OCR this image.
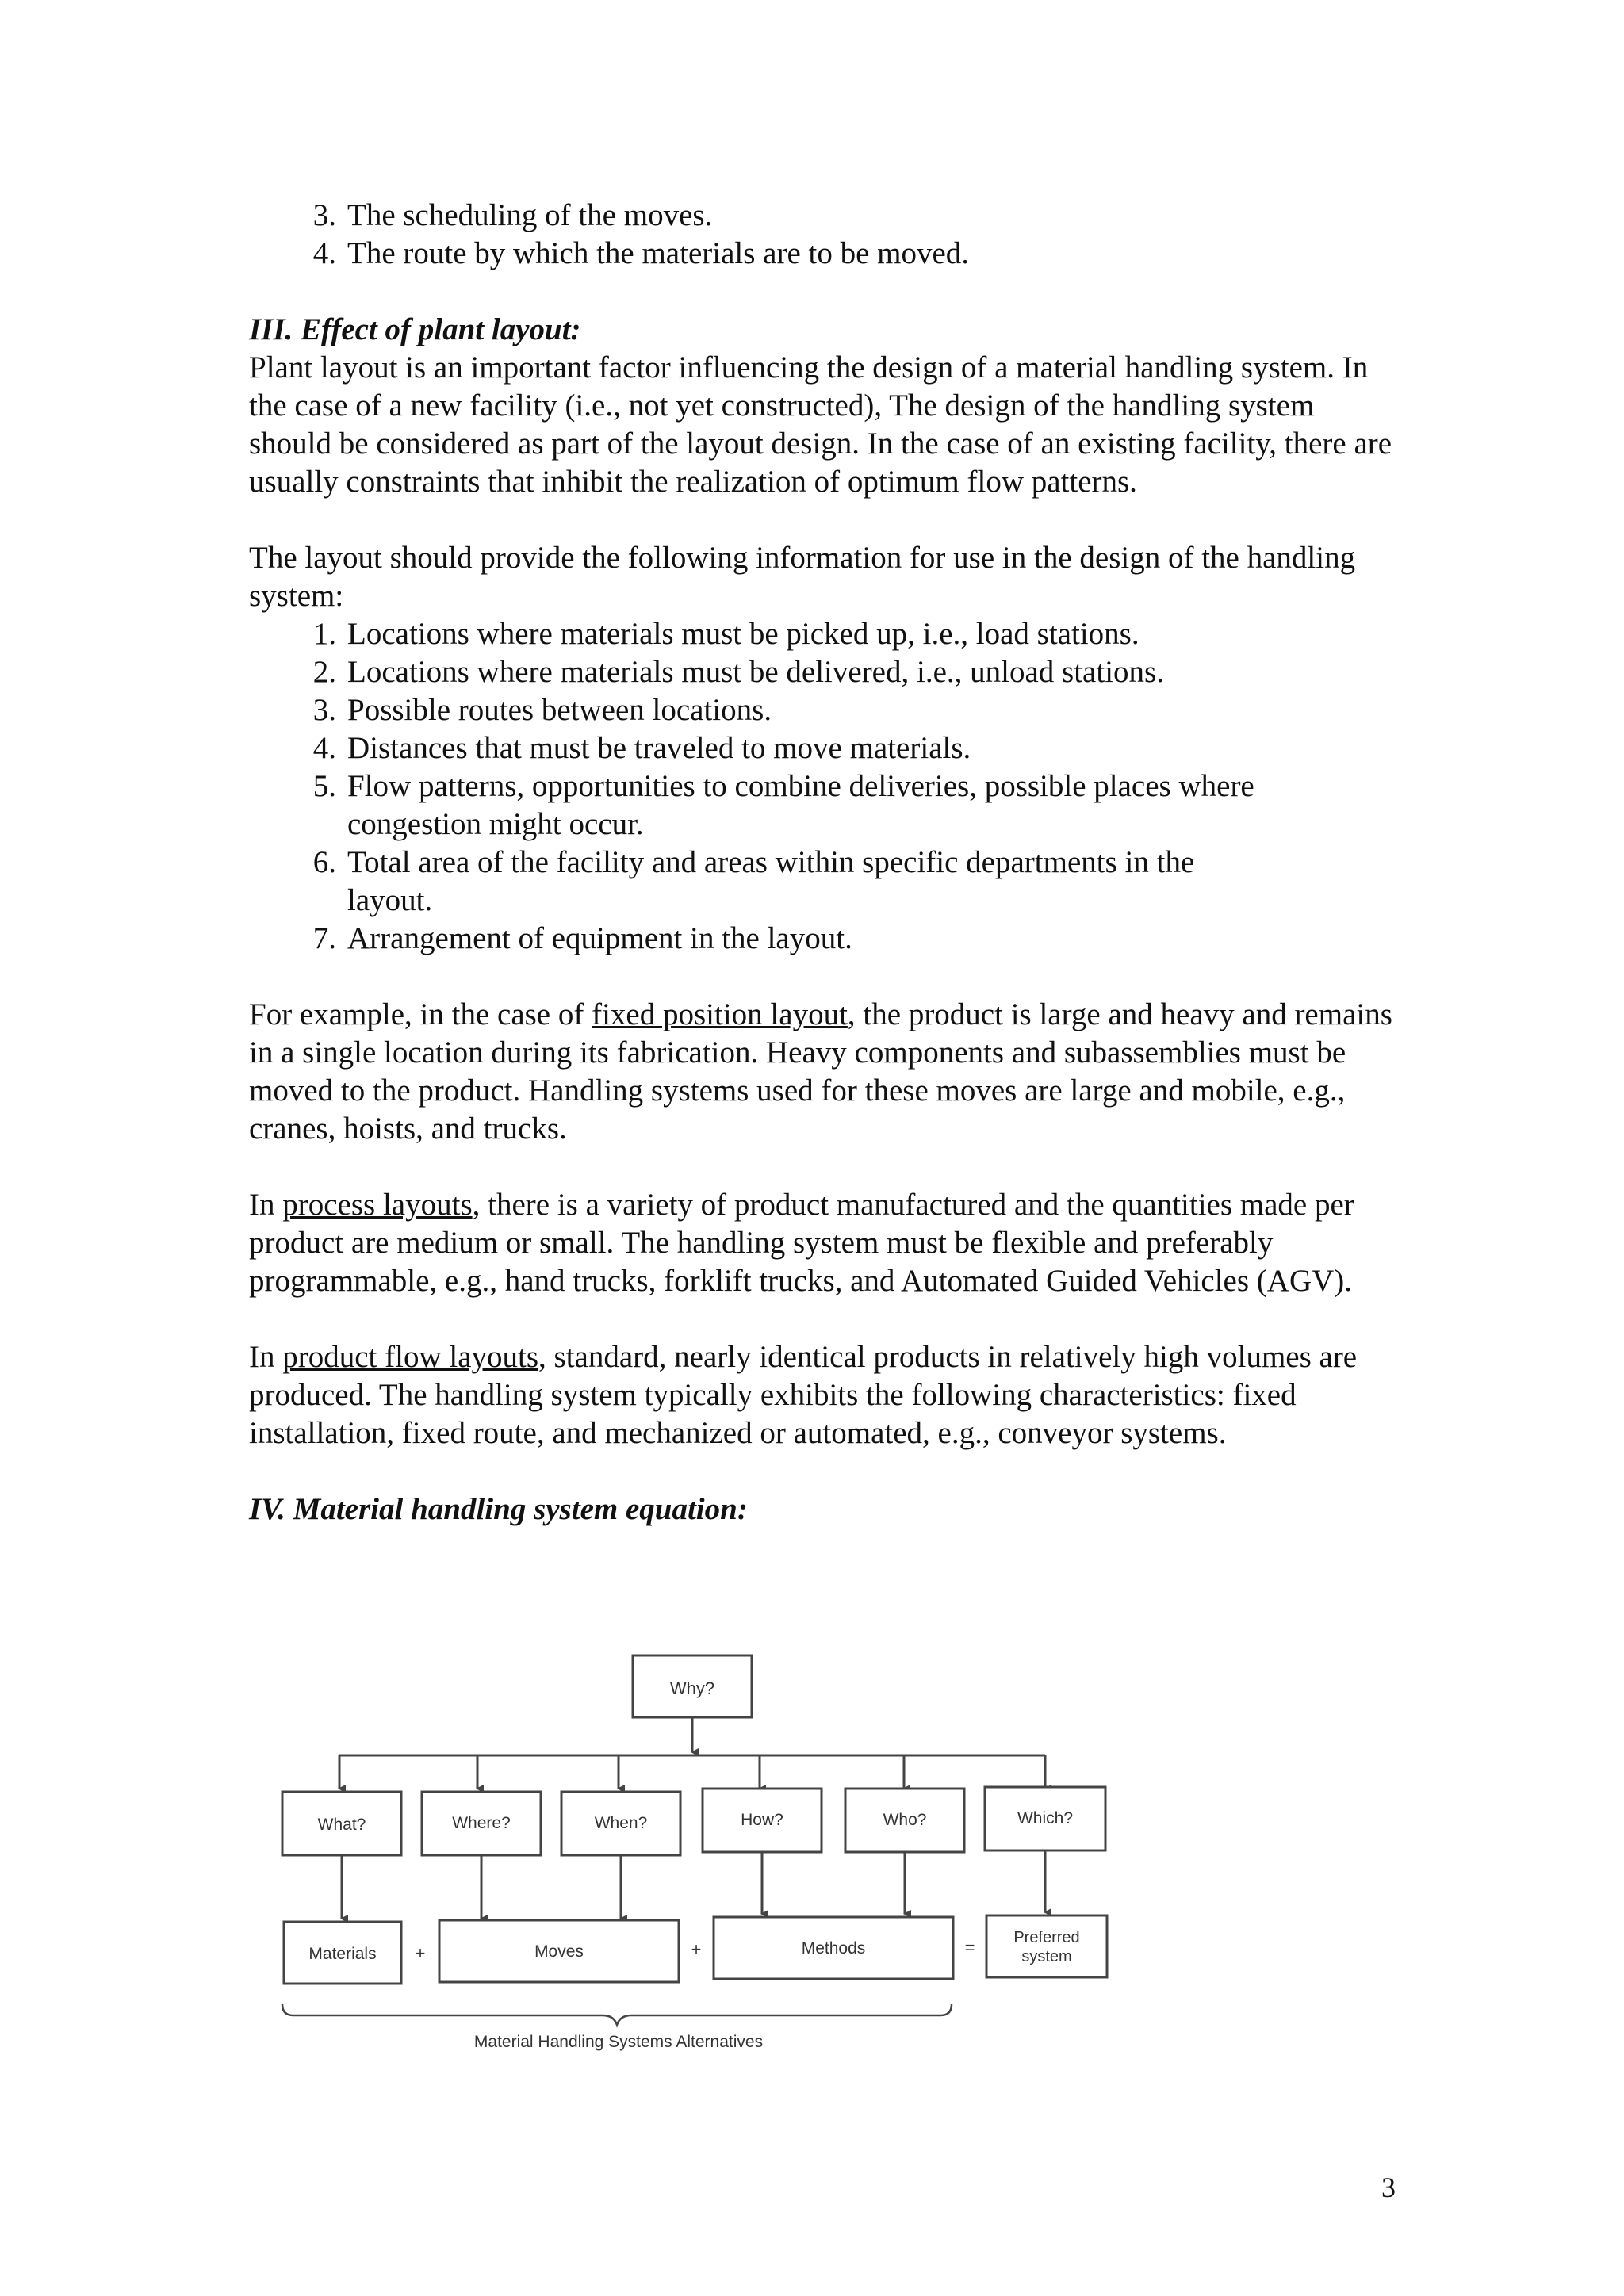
3. The scheduling of the moves.
4. The route by which the materials are to be moved.

III. Effect of plant layout:

Plant layout is an important factor influencing the design of a material handling system. In the case of a new facility (i.e., not yet constructed), The design of the handling system should be considered as part of the layout design. In the case of an existing facility, there are usually constraints that inhibit the realization of optimum flow patterns.

The layout should provide the following information for use in the design of the handling system:

1. Locations where materials must be picked up, i.e., load stations.
2. Locations where materials must be delivered, i.e., unload stations.
3. Possible routes between locations.
4. Distances that must be traveled to move materials.
5. Flow patterns, opportunities to combine deliveries, possible places where congestion might occur.
6. Total area of the facility and areas within specific departments in the layout.
7. Arrangement of equipment in the layout.

For example, in the case of fixed position layout, the product is large and heavy and remains in a single location during its fabrication. Heavy components and subassemblies must be moved to the product. Handling systems used for these moves are large and mobile, e.g., cranes, hoists, and trucks.

In process layouts, there is a variety of product manufactured and the quantities made per product are medium or small. The handling system must be flexible and preferably programmable, e.g., hand trucks, forklift trucks, and Automated Guided Vehicles (AGV).

In product flow layouts, standard, nearly identical products in relatively high volumes are produced. The handling system typically exhibits the following characteristics: fixed installation, fixed route, and mechanized or automated, e.g., conveyor systems.

IV. Material handling system equation:

Why?
What?	Where?	When?	How?	Who?	Which?
Materials +	Moves	+	Methods	= Preferred
system
Material Handling Systems Alternatives
3
